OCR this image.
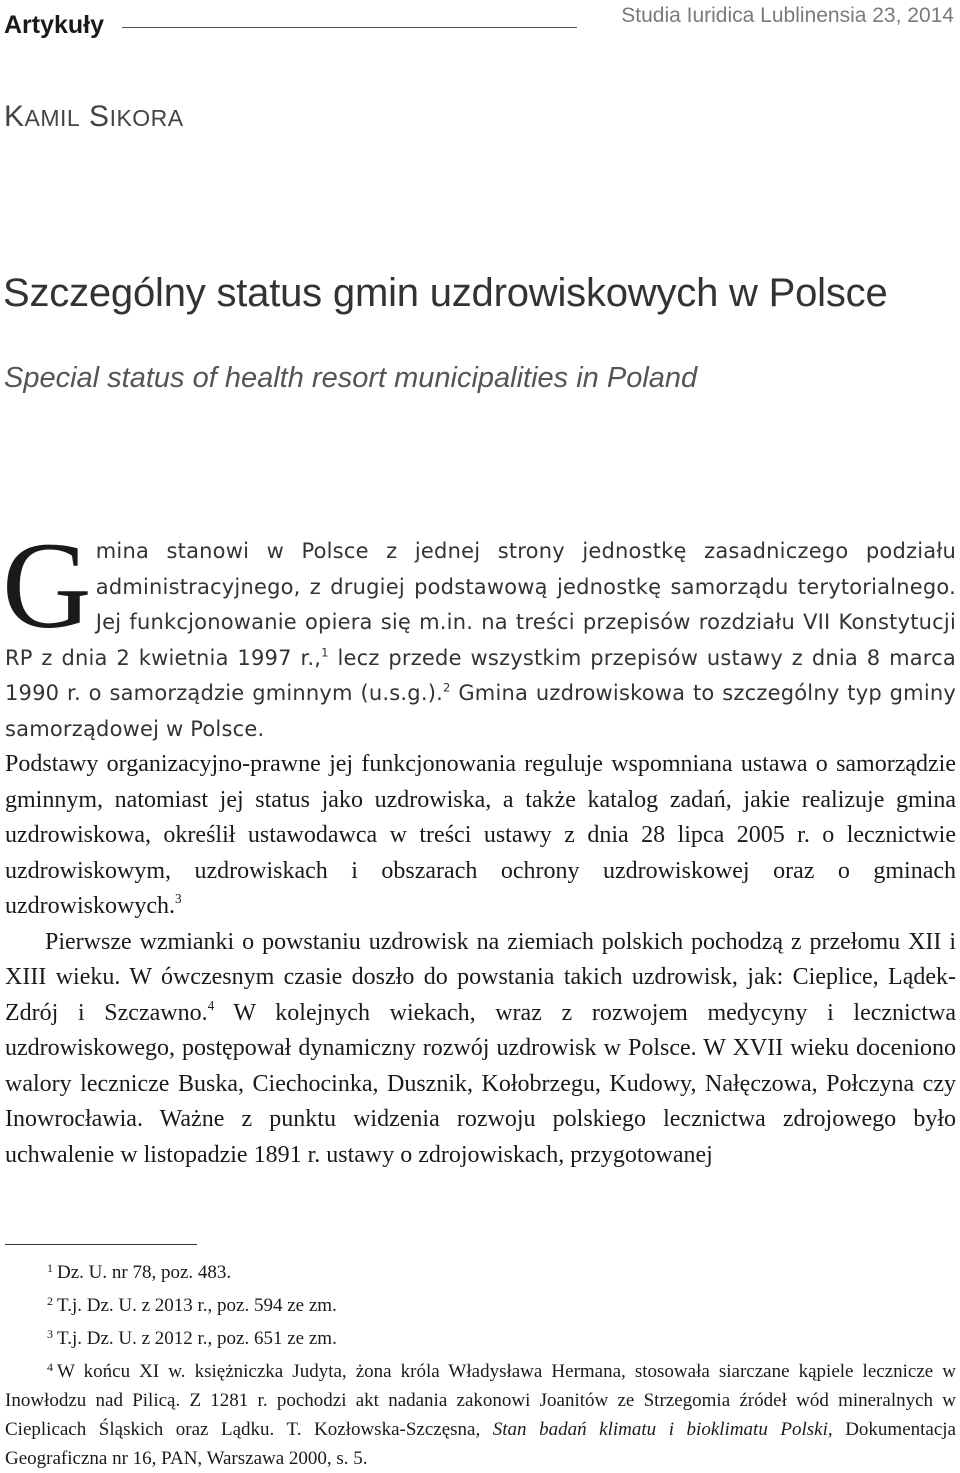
Artykuły	Studia Iuridica Lublinensia 23, 2014
KAMIL SIKORA
Szczególny status gmin uzdrowiskowych w Polsce
Special status of health resort municipalities in Poland

Gmina stanowi w Polsce z jednej strony jednostkę zasadniczego podziału administracyjnego, z drugiej podstawową jednostkę samorządu terytorialnego. Jej funkcjonowanie opiera się m.in. na treści przepisów rozdziału VII Konstytucji RP z dnia 2 kwietnia 1997 r.,$^1$ lecz przede wszystkim przepisów ustawy z dnia 8 marca 1990 r. o samorządzie gminnym (u.s.g.).$^2$ Gmina uzdrowiskowa to szczególny typ gminy samorządowej w Polsce.

Podstawy organizacyjno-prawne jej funkcjonowania reguluje wspomniana ustawa o samorządzie gminnym, natomiast jej status jako uzdrowiska, a także katalog zadań, jakie realizuje gmina uzdrowiskowa, określił ustawodawca w treści ustawy z dnia 28 lipca 2005 r. o lecznictwie uzdrowiskowym, uzdrowiskach i obszarach ochrony uzdrowiskowej oraz o gminach uzdrowiskowych.$^3$

Pierwsze wzmianki o powstaniu uzdrowisk na ziemiach polskich pochodzą z przełomu XII i XIII wieku. W ówczesnym czasie doszło do powstania takich uzdrowisk, jak: Cieplice, Lądek-Zdrój i Szczawno.$^4$ W kolejnych wiekach, wraz z rozwojem medycyny i lecznictwa uzdrowiskowego, postępował dynamiczny rozwój uzdrowisk w Polsce. W XVII wieku doceniono walory lecznicze Buska, Ciechocinka, Dusznik, Kołobrzegu, Kudowy, Nałęczowa, Połczyna czy Inowrocławia. Ważne z punktu widzenia rozwoju polskiego lecznictwa zdrojowego było uchwalenie w listopadzie 1891 r. ustawy o zdrojowiskach, przygotowanej

$^1$ Dz. U. nr 78, poz. 483.

$^2$ T.j. Dz. U. z 2013 r., poz. 594 ze zm.

$^3$ T.j. Dz. U. z 2012 r., poz. 651 ze zm.

$^4$ W końcu XI w. księżniczka Judyta, żona króla Władysława Hermana, stosowała siarczane kąpiele lecznicze w Inowłodzu nad Pilicą. Z 1281 r. pochodzi akt nadania zakonowi Joanitów ze Strzegomia źródeł wód mineralnych w Cieplicach Śląskich oraz Lądku. T. Kozłowska-Szczęsna, Stan badań klimatu i bioklimatu Polski, Dokumentacja Geograficzna nr 16, PAN, Warszawa 2000, s. 5.
